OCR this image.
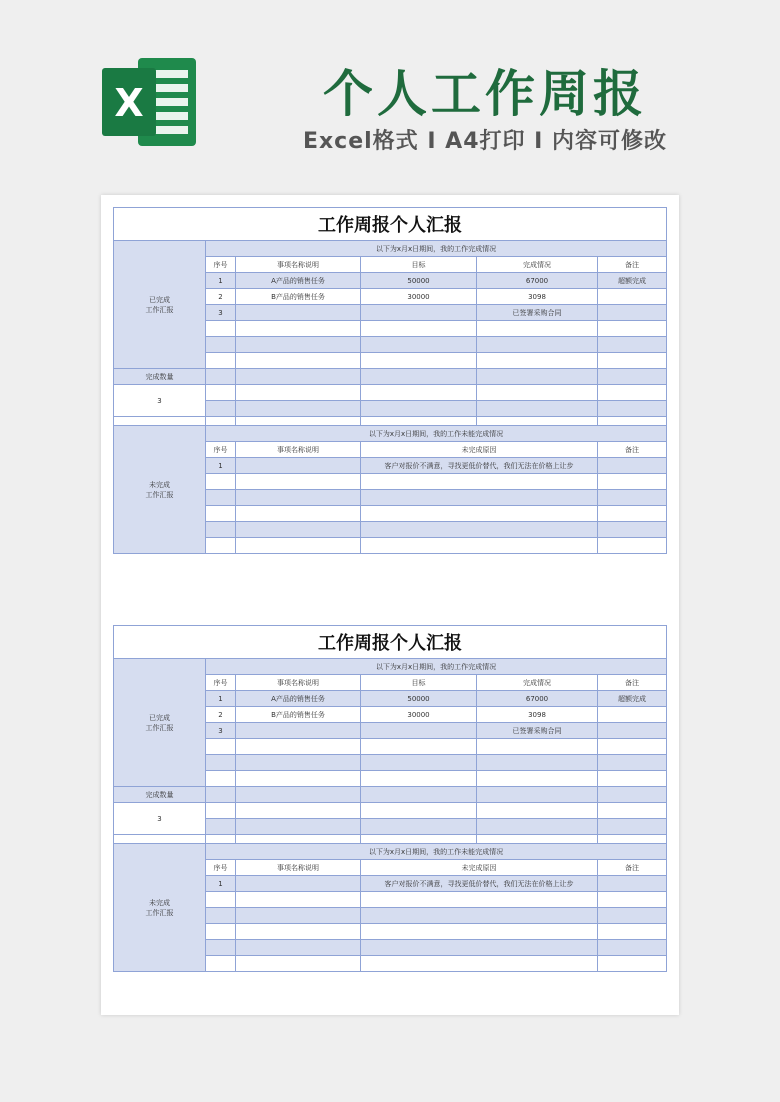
X	个人工作周报
Excel格式 I A4打印 I 内容可修改
工作周报个人汇报					
已完成
工作汇报	以下为x月x日期间，我的工作完成情况				
	序号	事项名称说明	目标	完成情况	备注
	1	A产品的销售任务	50000	67000	超额完成
	2	B产品的销售任务	30000	3098	
	3			已签署采购合同	

完成数量					
3					

未完成
工作汇报	以下为x月x日期间，我的工作未能完成情况				
	序号	事项名称说明	未完成原因		备注
	1		客户对报价不满意，寻找更低价替代，我们无法在价格上让步		

工作周报个人汇报					
已完成
工作汇报	以下为x月x日期间，我的工作完成情况				
	序号	事项名称说明	目标	完成情况	备注
	1	A产品的销售任务	50000	67000	超额完成
	2	B产品的销售任务	30000	3098	
	3			已签署采购合同	

完成数量					
3					

未完成
工作汇报	以下为x月x日期间，我的工作未能完成情况				
	序号	事项名称说明	未完成原因		备注
	1		客户对报价不满意，寻找更低价替代，我们无法在价格上让步		
